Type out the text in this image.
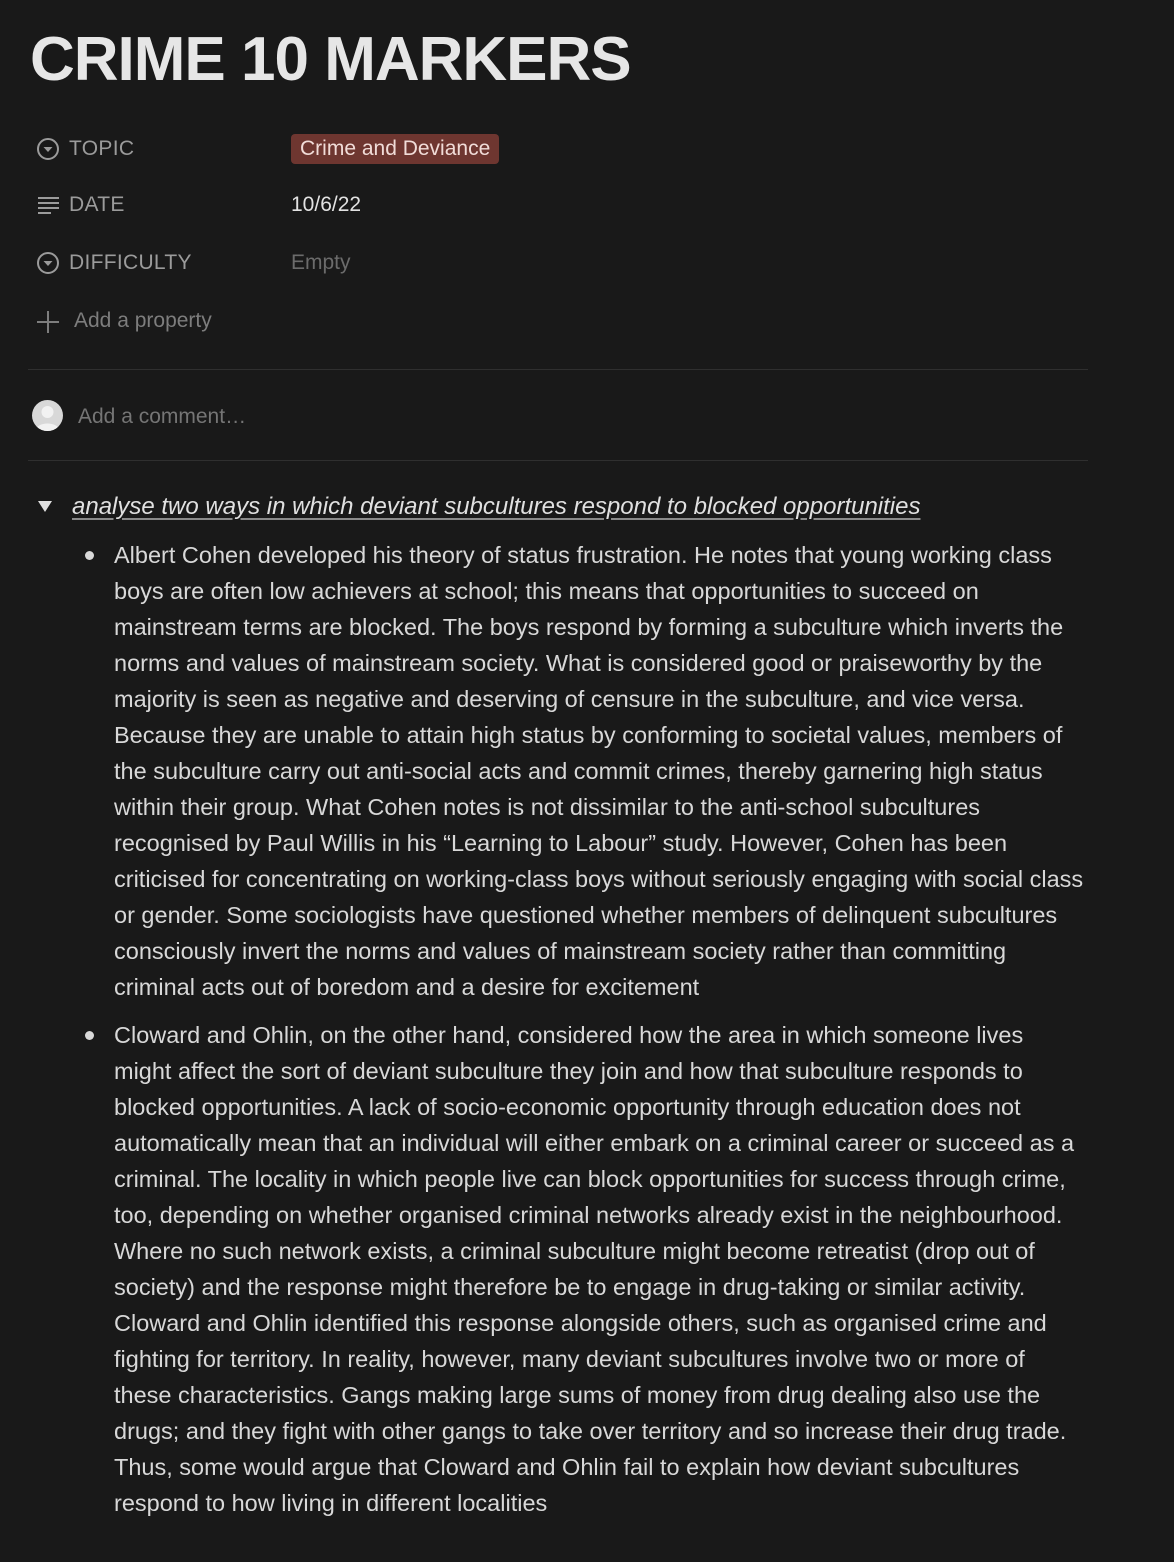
CRIME 10 MARKERS
TOPIC	Crime and Deviance
DATE	10/6/22
DIFFICULTY	Empty
Add a property
Add a comment…
analyse two ways in which deviant subcultures respond to blocked opportunities
Albert Cohen developed his theory of status frustration. He notes that young working class boys are often low achievers at school; this means that opportunities to succeed on mainstream terms are blocked. The boys respond by forming a subculture which inverts the norms and values of mainstream society. What is considered good or praiseworthy by the majority is seen as negative and deserving of censure in the subculture, and vice versa. Because they are unable to attain high status by conforming to societal values, members of the subculture carry out anti-social acts and commit crimes, thereby garnering high status within their group. What Cohen notes is not dissimilar to the anti-school subcultures recognised by Paul Willis in his “Learning to Labour” study. However, Cohen has been criticised for concentrating on working-class boys without seriously engaging with social class or gender. Some sociologists have questioned whether members of delinquent subcultures consciously invert the norms and values of mainstream society rather than committing criminal acts out of boredom and a desire for excitement
Cloward and Ohlin, on the other hand, considered how the area in which someone lives might affect the sort of deviant subculture they join and how that subculture responds to blocked opportunities. A lack of socio-economic opportunity through education does not automatically mean that an individual will either embark on a criminal career or succeed as a criminal. The locality in which people live can block opportunities for success through crime, too, depending on whether organised criminal networks already exist in the neighbourhood. Where no such network exists, a criminal subculture might become retreatist (drop out of society) and the response might therefore be to engage in drug-taking or similar activity. Cloward and Ohlin identified this response alongside others, such as organised crime and fighting for territory. In reality, however, many deviant subcultures involve two or more of these characteristics. Gangs making large sums of money from drug dealing also use the drugs; and they fight with other gangs to take over territory and so increase their drug trade. Thus, some would argue that Cloward and Ohlin fail to explain how deviant subcultures respond to how living in different localities
